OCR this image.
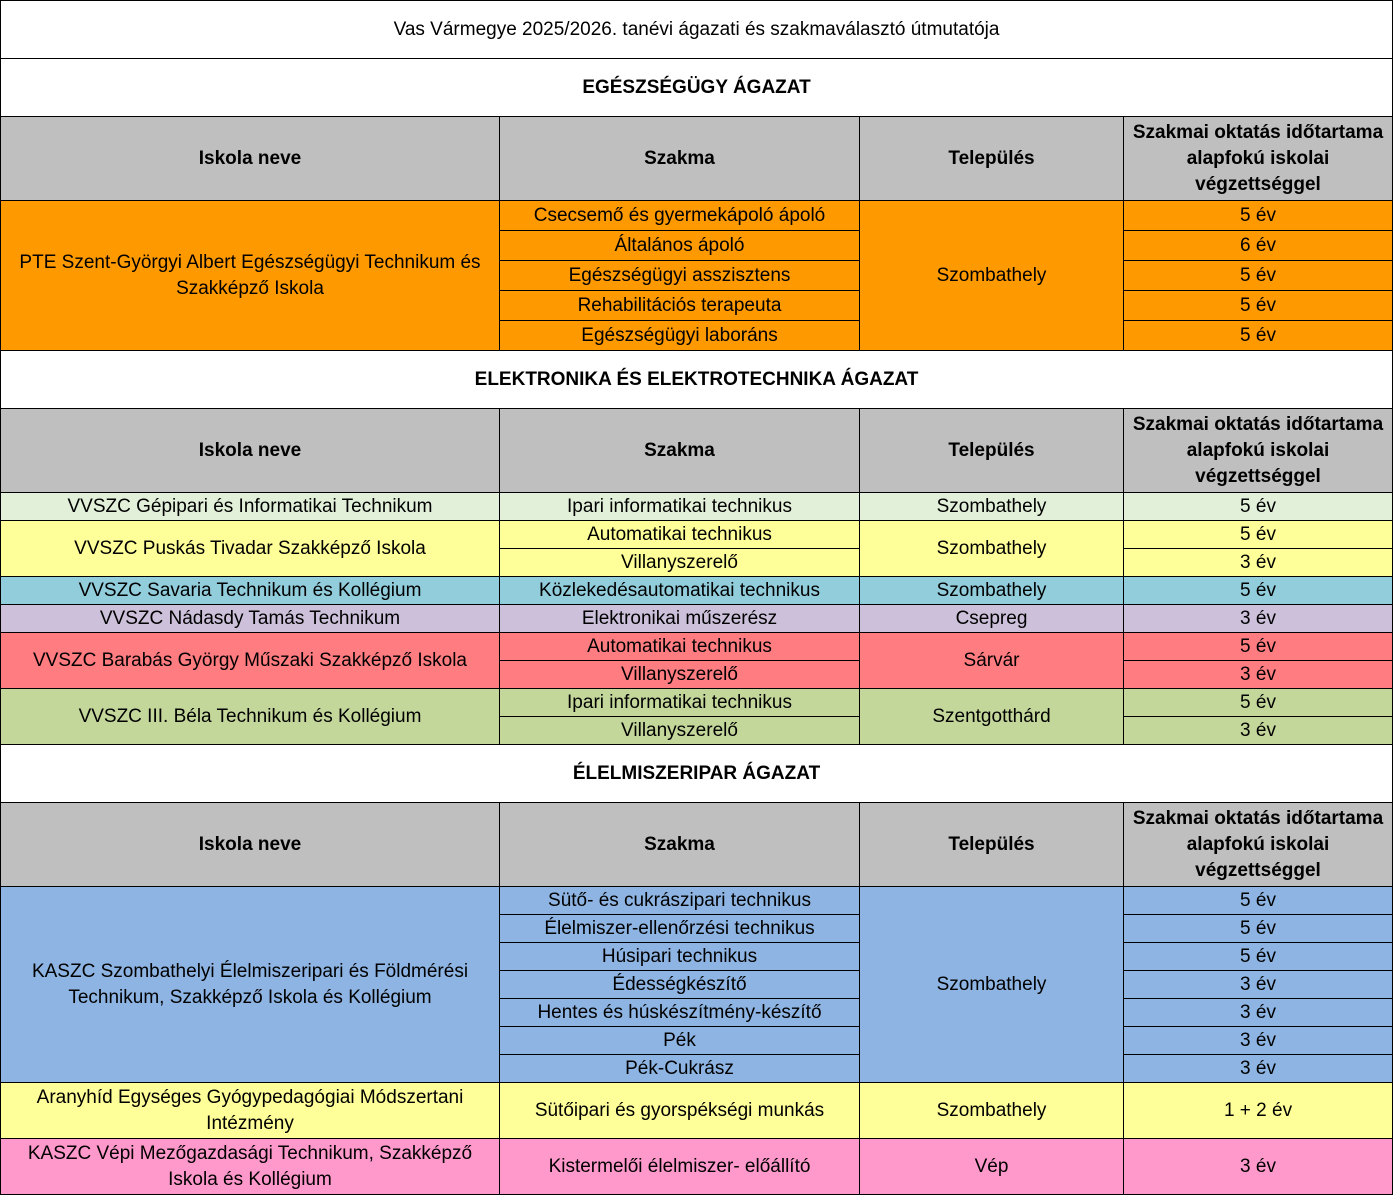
Vas Vármegye 2025/2026. tanévi ágazati és szakmaválasztó útmutatója			
EGÉSZSÉGÜGY ÁGAZAT			
Iskola neve	Szakma	Település	Szakmai oktatás időtartama alapfokú iskolai végzettséggel
PTE Szent-Györgyi Albert Egészségügyi Technikum és Szakképző Iskola	Csecsemő és gyermekápoló ápoló	Szombathely	5 év
	Általános ápoló		6 év
	Egészségügyi asszisztens		5 év
	Rehabilitációs terapeuta		5 év
	Egészségügyi laboráns		5 év
ELEKTRONIKA ÉS ELEKTROTECHNIKA ÁGAZAT			
Iskola neve	Szakma	Település	Szakmai oktatás időtartama alapfokú iskolai végzettséggel
VVSZC Gépipari és Informatikai Technikum	Ipari informatikai technikus	Szombathely	5 év
VVSZC Puskás Tivadar Szakképző Iskola	Automatikai technikus	Szombathely	5 év
	Villanyszerelő		3 év
VVSZC Savaria Technikum és Kollégium	Közlekedésautomatikai technikus	Szombathely	5 év
VVSZC Nádasdy Tamás Technikum	Elektronikai műszerész	Csepreg	3 év
VVSZC Barabás György Műszaki Szakképző Iskola	Automatikai technikus	Sárvár	5 év
	Villanyszerelő		3 év
VVSZC III. Béla Technikum és Kollégium	Ipari informatikai technikus	Szentgotthárd	5 év
	Villanyszerelő		3 év
ÉLELMISZERIPAR ÁGAZAT			
Iskola neve	Szakma	Település	Szakmai oktatás időtartama alapfokú iskolai végzettséggel
KASZC Szombathelyi Élelmiszeripari és Földmérési Technikum, Szakképző Iskola és Kollégium	Sütő- és cukrászipari technikus	Szombathely	5 év
	Élelmiszer-ellenőrzési technikus		5 év
	Húsipari technikus		5 év
	Édességkészítő		3 év
	Hentes és húskészítmény-készítő		3 év
	Pék		3 év
	Pék-Cukrász		3 év
Aranyhíd Egységes Gyógypedagógiai Módszertani Intézmény	Sütőipari és gyorspékségi munkás	Szombathely	1 + 2 év
KASZC Vépi Mezőgazdasági Technikum, Szakképző Iskola és Kollégium	Kistermelői élelmiszer- előállító	Vép	3 év
